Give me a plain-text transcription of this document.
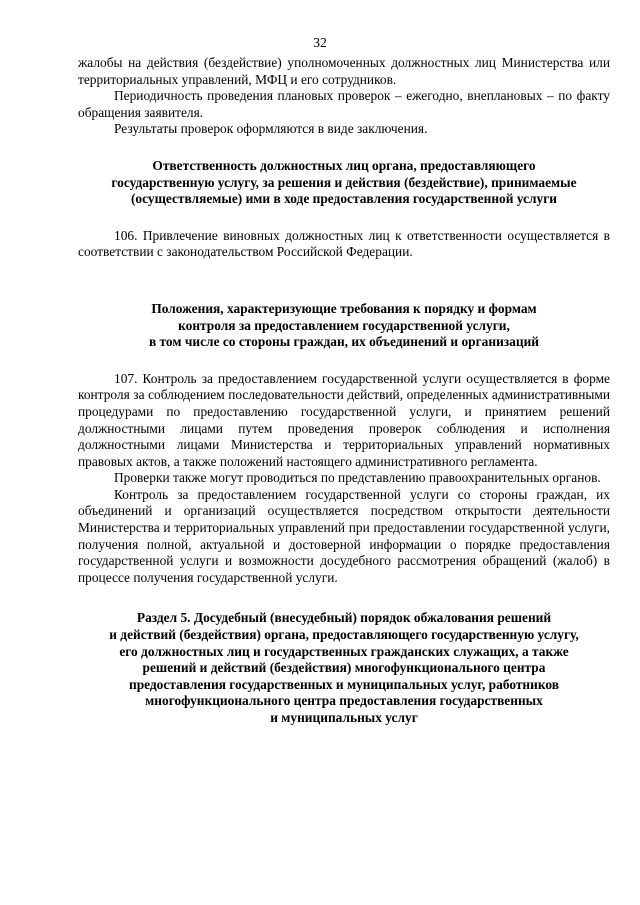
32

жалобы на действия (бездействие) уполномоченных должностных лиц Министерства или территориальных управлений, МФЦ и его сотрудников.

Периодичность проведения плановых проверок – ежегодно, внеплановых – по факту обращения заявителя.

Результаты проверок оформляются в виде заключения.

Ответственность должностных лиц органа, предоставляющего
государственную услугу, за решения и действия (бездействие), принимаемые
(осуществляемые) ими в ходе предоставления государственной услуги

106. Привлечение виновных должностных лиц к ответственности осуществляется в соответствии с законодательством Российской Федерации.

Положения, характеризующие требования к порядку и формам
контроля за предоставлением государственной услуги,
в том числе со стороны граждан, их объединений и организаций

107. Контроль за предоставлением государственной услуги осуществляется в форме контроля за соблюдением последовательности действий, определенных административными процедурами по предоставлению государственной услуги, и принятием решений должностными лицами путем проведения проверок соблюдения и исполнения должностными лицами Министерства и территориальных управлений нормативных правовых актов, а также положений настоящего административного регламента.

Проверки также могут проводиться по представлению правоохранительных органов.

Контроль за предоставлением государственной услуги со стороны граждан, их объединений и организаций осуществляется посредством открытости деятельности Министерства и территориальных управлений при предоставлении государственной услуги, получения полной, актуальной и достоверной информации о порядке предоставления государственной услуги и возможности досудебного рассмотрения обращений (жалоб) в процессе получения государственной услуги.

Раздел 5. Досудебный (внесудебный) порядок обжалования решений
и действий (бездействия) органа, предоставляющего государственную услугу,
его должностных лиц и государственных гражданских служащих, а также
решений и действий (бездействия) многофункционального центра
предоставления государственных и муниципальных услуг, работников
многофункционального центра предоставления государственных
и муниципальных услуг
